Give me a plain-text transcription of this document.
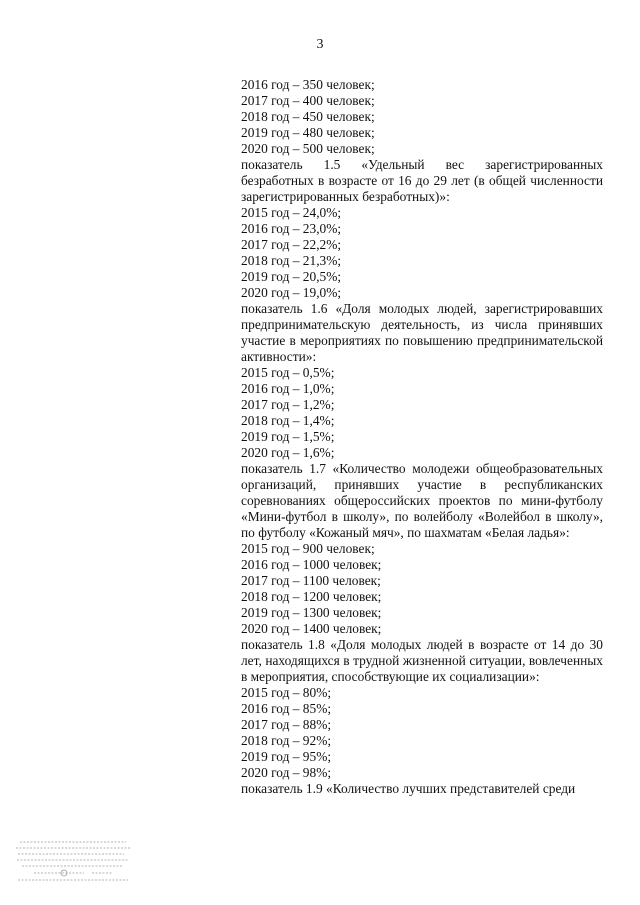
3
2016 год – 350 человек;
2017 год – 400 человек;
2018 год – 450 человек;
2019 год – 480 человек;
2020 год – 500 человек;
показатель 1.5 «Удельный вес зарегистрированных безработных в возрасте от 16 до 29 лет (в общей численности зарегистрированных безработных)»:
2015 год – 24,0%;
2016 год – 23,0%;
2017 год – 22,2%;
2018 год – 21,3%;
2019 год – 20,5%;
2020 год – 19,0%;
показатель 1.6 «Доля молодых людей, зарегистрировавших предпринимательскую деятельность, из числа принявших участие в мероприятиях по повышению предпринимательской активности»:
2015 год – 0,5%;
2016 год – 1,0%;
2017 год – 1,2%;
2018 год – 1,4%;
2019 год – 1,5%;
2020 год – 1,6%;
показатель 1.7 «Количество молодежи общеобразовательных организаций, принявших участие в республиканских соревнованиях общероссийских проектов по мини-футболу «Мини-футбол в школу», по волейболу «Волейбол в школу», по футболу «Кожаный мяч», по шахматам «Белая ладья»:
2015 год – 900 человек;
2016 год – 1000 человек;
2017 год – 1100 человек;
2018 год – 1200 человек;
2019 год – 1300 человек;
2020 год – 1400 человек;
показатель 1.8 «Доля молодых людей в возрасте от 14 до 30 лет, находящихся в трудной жизненной ситуации, вовлеченных в мероприятия, способствующие их социализации»:
2015 год – 80%;
2016 год – 85%;
2017 год – 88%;
2018 год – 92%;
2019 год – 95%;
2020 год – 98%;
показатель 1.9 «Количество лучших представителей среди
